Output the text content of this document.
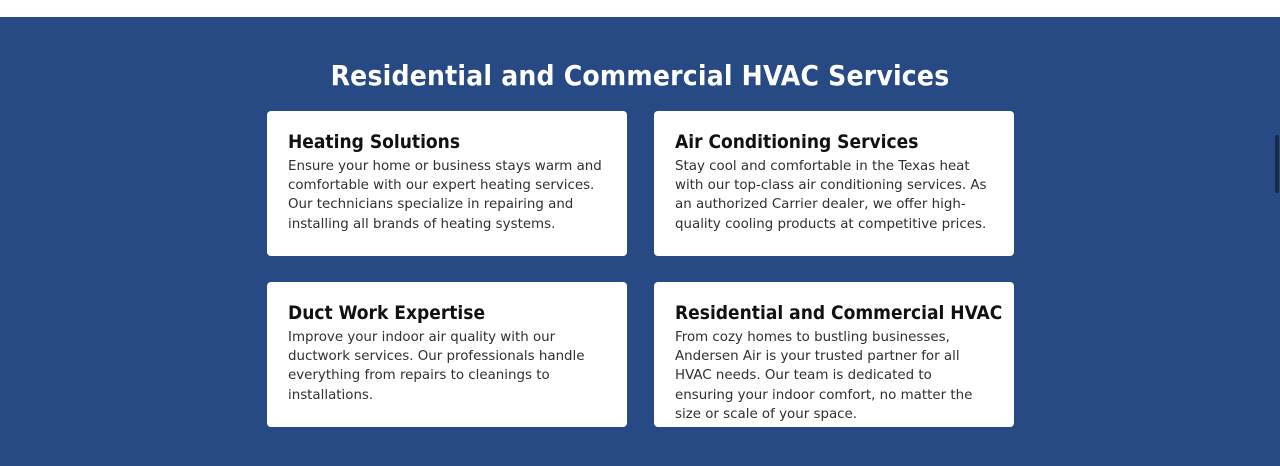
Residential and Commercial HVAC Services
Heating Solutions

Ensure your home or business stays warm and comfortable with our expert heating services. Our technicians specialize in repairing and installing all brands of heating systems.

Air Conditioning Services

Stay cool and comfortable in the Texas heat with our top-class air conditioning services. As an authorized Carrier dealer, we offer high-quality cooling products at competitive prices.

Duct Work Expertise

Improve your indoor air quality with our ductwork services. Our professionals handle everything from repairs to cleanings to installations.

Residential and Commercial HVAC

From cozy homes to bustling businesses, Andersen Air is your trusted partner for all HVAC needs. Our team is dedicated to ensuring your indoor comfort, no matter the size or scale of your space.
